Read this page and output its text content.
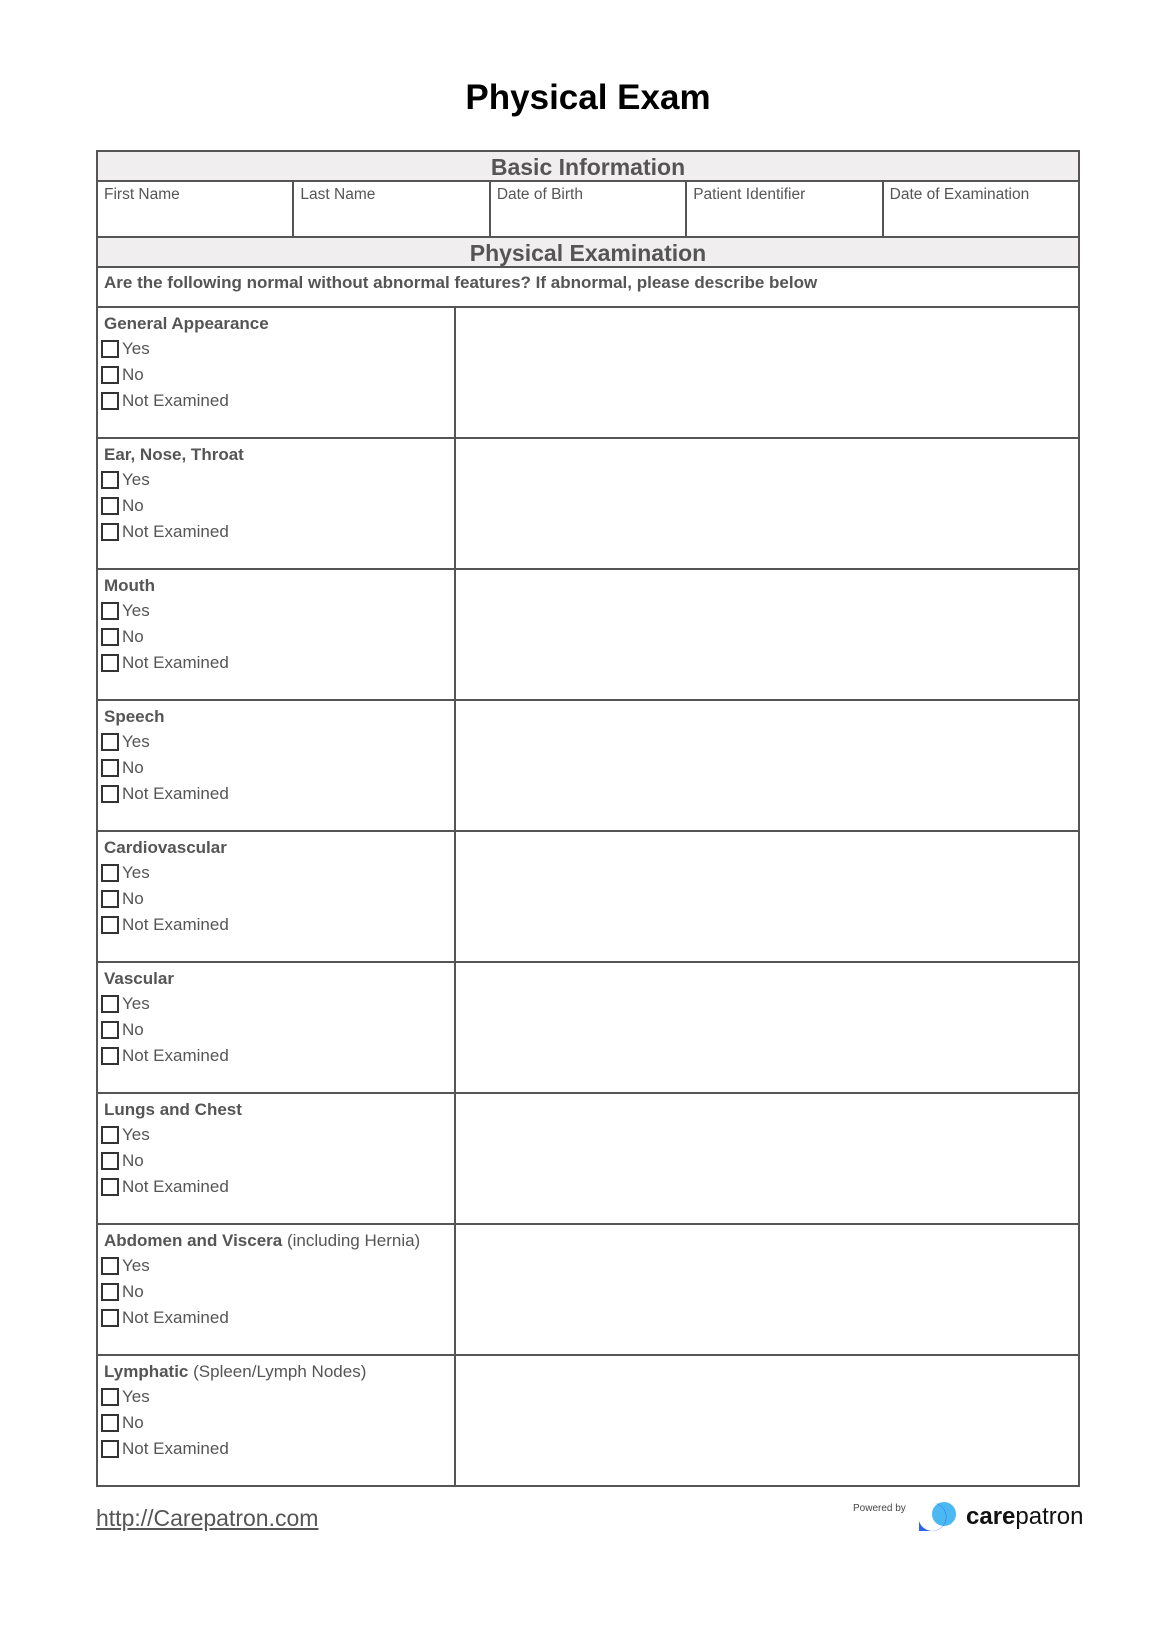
Physical Exam
Basic Information
First Name	Last Name	Date of Birth	Patient Identifier	Date of Examination
Physical Examination
Are the following normal without abnormal features? If abnormal, please describe below
General Appearance
Yes
No
Not Examined
Ear, Nose, Throat
Yes
No
Not Examined
Mouth
Yes
No
Not Examined
Speech
Yes
No
Not Examined
Cardiovascular
Yes
No
Not Examined
Vascular
Yes
No
Not Examined
Lungs and Chest
Yes
No
Not Examined
Abdomen and Viscera (including Hernia)
Yes
No
Not Examined
Lymphatic (Spleen/Lymph Nodes)
Yes
No
Not Examined
http://Carepatron.com	Powered by	carepatron
